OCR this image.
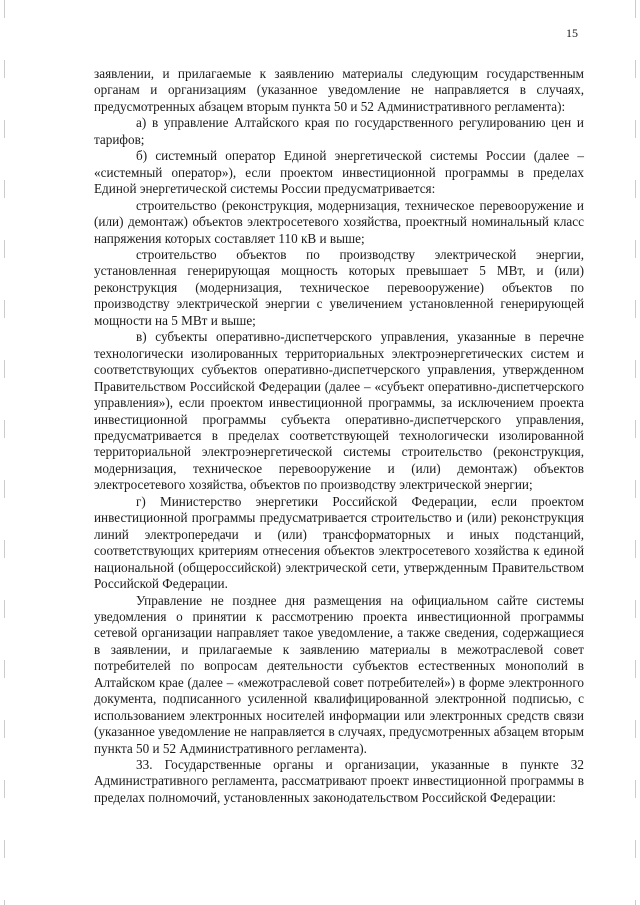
15

заявлении, и прилагаемые к заявлению материалы следующим государственным органам и организациям (указанное уведомление не направляется в случаях, предусмотренных абзацем вторым пункта 50 и 52 Административного регламента):

а) в управление Алтайского края по государственного регулированию цен и тарифов;

б) системный оператор Единой энергетической системы России (далее – «системный оператор»), если проектом инвестиционной программы в пределах Единой энергетической системы России предусматривается:

строительство (реконструкция, модернизация, техническое перевооружение и (или) демонтаж) объектов электросетевого хозяйства, проектный номинальный класс напряжения которых составляет 110 кВ и выше;

строительство объектов по производству электрической энергии, установленная генерирующая мощность которых превышает 5 МВт, и (или) реконструкция (модернизация, техническое перевооружение) объектов по производству электрической энергии с увеличением установленной генерирующей мощности на 5 МВт и выше;

в) субъекты оперативно-диспетчерского управления, указанные в перечне технологически изолированных территориальных электроэнергетических систем и соответствующих субъектов оперативно-диспетчерского управления, утвержденном Правительством Российской Федерации (далее – «субъект оперативно-диспетчерского управления»), если проектом инвестиционной программы, за исключением проекта инвестиционной программы субъекта оперативно-диспетчерского управления, предусматривается в пределах соответствующей технологически изолированной территориальной электроэнергетической системы строительство (реконструкция, модернизация, техническое перевооружение и (или) демонтаж) объектов электросетевого хозяйства, объектов по производству электрической энергии;

г) Министерство энергетики Российской Федерации, если проектом инвестиционной программы предусматривается строительство и (или) реконструкция линий электропередачи и (или) трансформаторных и иных подстанций, соответствующих критериям отнесения объектов электросетевого хозяйства к единой национальной (общероссийской) электрической сети, утвержденным Правительством Российской Федерации.

Управление не позднее дня размещения на официальном сайте системы уведомления о принятии к рассмотрению проекта инвестиционной программы сетевой организации направляет такое уведомление, а также сведения, содержащиеся в заявлении, и прилагаемые к заявлению материалы в межотраслевой совет потребителей по вопросам деятельности субъектов естественных монополий в Алтайском крае (далее – «межотраслевой совет потребителей») в форме электронного документа, подписанного усиленной квалифицированной электронной подписью, с использованием электронных носителей информации или электронных средств связи (указанное уведомление не направляется в случаях, предусмотренных абзацем вторым пункта 50 и 52 Административного регламента).

33. Государственные органы и организации, указанные в пункте 32 Административного регламента, рассматривают проект инвестиционной программы в пределах полномочий, установленных законодательством Российской Федерации:
